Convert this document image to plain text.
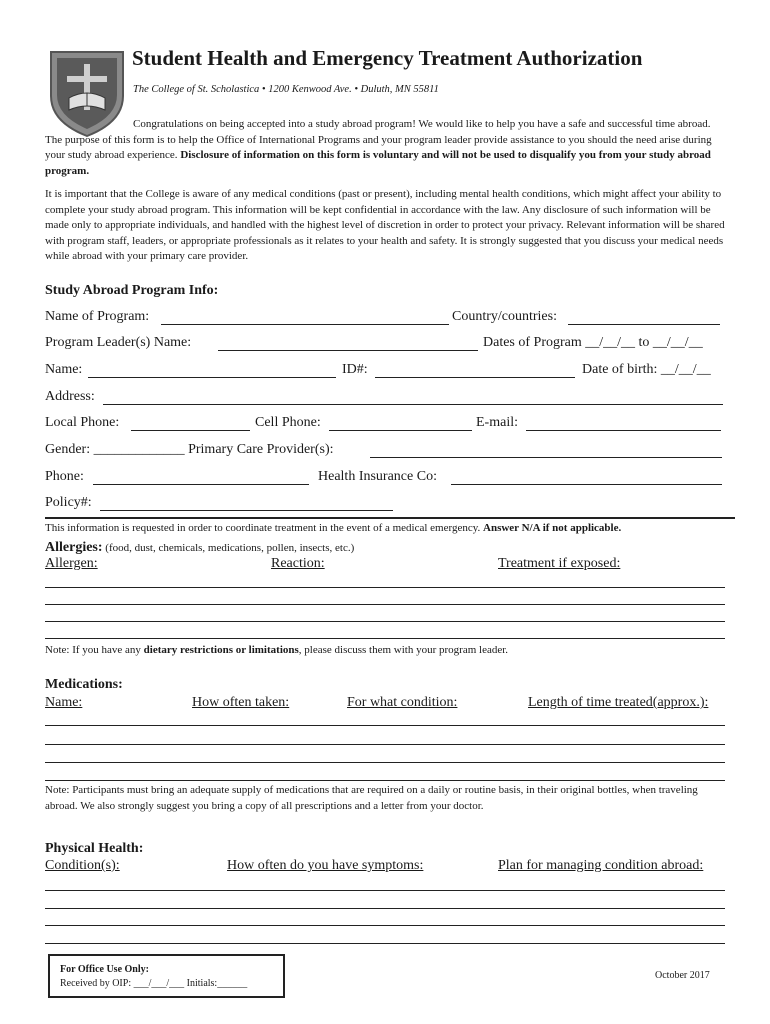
Student Health and Emergency Treatment Authorization
The College of St. Scholastica • 1200 Kenwood Ave. • Duluth, MN 55811

Congratulations on being accepted into a study abroad program! We would like to help you have a safe and successful time abroad. The purpose of this form is to help the Office of International Programs and your program leader provide assistance to you should the need arise during your study abroad experience. Disclosure of information on this form is voluntary and will not be used to disqualify you from your study abroad program.

It is important that the College is aware of any medical conditions (past or present), including mental health conditions, which might affect your ability to complete your study abroad program. This information will be kept confidential in accordance with the law. Any disclosure of such information will be made only to appropriate individuals, and handled with the highest level of discretion in order to protect your privacy. Relevant information will be shared with program staff, leaders, or appropriate professionals as it relates to your health and safety. It is strongly suggested that you discuss your medical needs while abroad with your primary care provider.

Study Abroad Program Info:
Name of Program:	Country/countries:
Program Leader(s) Name:	Dates of Program __/__/__ to __/__/__
Name:	ID#:	Date of birth: __/__/__
Address:
Local Phone:	Cell Phone:	E-mail:
Gender: _____________ Primary Care Provider(s):
Phone:	Health Insurance Co:
Policy#:
This information is requested in order to coordinate treatment in the event of a medical emergency. Answer N/A if not applicable.
Allergies: (food, dust, chemicals, medications, pollen, insects, etc.)
Allergen:	Reaction:	Treatment if exposed:
Note: If you have any dietary restrictions or limitations, please discuss them with your program leader.
Medications:
Name:	How often taken:	For what condition:	Length of time treated(approx.):
Note: Participants must bring an adequate supply of medications that are required on a daily or routine basis, in their original bottles, when traveling abroad. We also strongly suggest you bring a copy of all prescriptions and a letter from your doctor.
Physical Health:
Condition(s):	How often do you have symptoms:	Plan for managing condition abroad:
For Office Use Only:
Received by OIP: ___/___/___ Initials:______
October 2017
